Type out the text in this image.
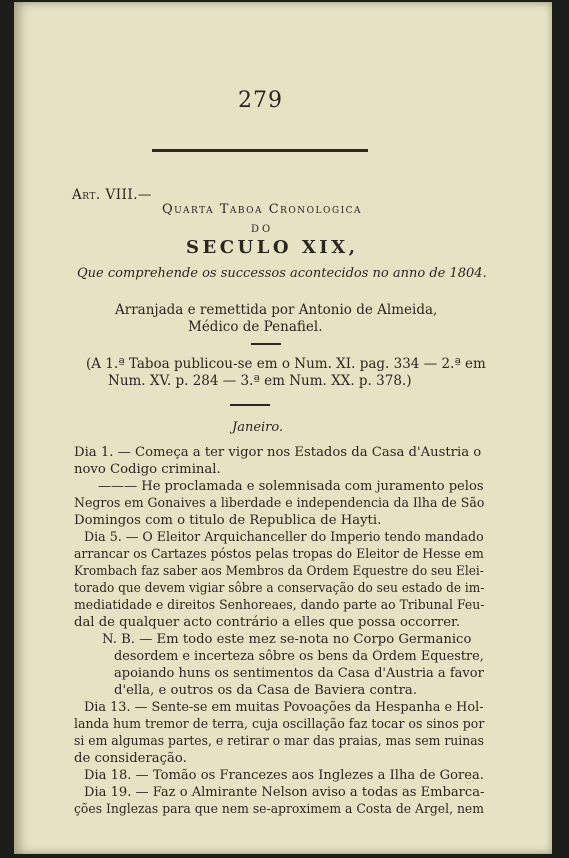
279
Art. VIII.—
Quarta Taboa Cronologica
DO
SECULO XIX,
Que comprehende os successos acontecidos no anno de 1804.
Arranjada e remettida por Antonio de Almeida,
Médico de Penafiel.
(A 1.ª Taboa publicou-se em o Num. XI. pag. 334 — 2.ª em
Num. XV. p. 284 — 3.ª em Num. XX. p. 378.)
Janeiro.
Dia 1. — Começa a ter vigor nos Estados da Casa d'Austria o
novo Codigo criminal.
——— He proclamada e solemnisada com juramento pelos
Negros em Gonaives a liberdade e independencia da Ilha de São
Domingos com o titulo de Republica de Hayti.
Dia 5. — O Eleitor Arquichanceller do Imperio tendo mandado
arrancar os Cartazes póstos pelas tropas do Eleitor de Hesse em
Krombach faz saber aos Membros da Ordem Equestre do seu Elei-
torado que devem vigiar sôbre a conservação do seu estado de im-
mediatidade e direitos Senhoreaes, dando parte ao Tribunal Feu-
dal de qualquer acto contrário a elles que possa occorrer.
N. B. — Em todo este mez se-nota no Corpo Germanico
desordem e incerteza sôbre os bens da Ordem Equestre,
apoiando huns os sentimentos da Casa d'Austria a favor
d'ella, e outros os da Casa de Baviera contra.
Dia 13. — Sente-se em muitas Povoações da Hespanha e Hol-
landa hum tremor de terra, cuja oscillação faz tocar os sinos por
si em algumas partes, e retirar o mar das praias, mas sem ruinas
de consideração.
Dia 18. — Tomão os Francezes aos Inglezes a Ilha de Gorea.
Dia 19. — Faz o Almirante Nelson aviso a todas as Embarca-
ções Inglezas para que nem se-aproximem a Costa de Argel, nem
